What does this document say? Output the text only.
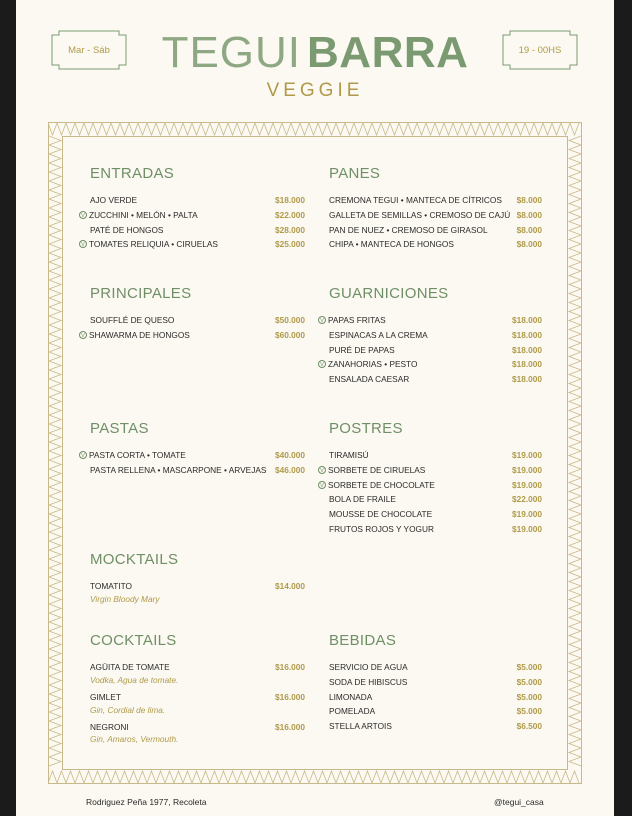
Mar - Sáb	TEGUI BARRA
VEGGIE
19 - 00HS
ENTRADAS
AJO VERDE	$18.000
V ZUCCHINI • MELÓN • PALTA	$22.000
PATÉ DE HONGOS	$28.000
V TOMATES RELIQUIA • CIRUELAS	$25.000
PANES
CREMONA TEGUI • MANTECA DE CÍTRICOS $8.000
GALLETA DE SEMILLAS • CREMOSO DE CAJÚ $8.000
PAN DE NUEZ • CREMOSO DE GIRASOL	$8.000
CHIPA • MANTECA DE HONGOS	$8.000
PRINCIPALES
SOUFFLÉ DE QUESO	$50.000
V SHAWARMA DE HONGOS	$60.000
GUARNICIONES
V PAPAS FRITAS	$18.000
ESPINACAS A LA CREMA	$18.000
PURÉ DE PAPAS	$18.000
V ZANAHORIAS • PESTO	$18.000
ENSALADA CAESAR	$18.000
PASTAS
V PASTA CORTA • TOMATE	$40.000
PASTA RELLENA • MASCARPONE • ARVEJAS $46.000
POSTRES
TIRAMISÚ	$19.000
V SORBETE DE CIRUELAS	$19.000
V SORBETE DE CHOCOLATE	$19.000
BOLA DE FRAILE	$22.000
MOUSSE DE CHOCOLATE	$19.000
FRUTOS ROJOS Y YOGUR	$19.000
MOCKTAILS
TOMATITO	$14.000
Virgin Bloody Mary
COCKTAILS
AGÜITA DE TOMATE	$16.000
Vodka, Agua de tomate.
GIMLET	$16.000
Gin, Cordial de lima.
NEGRONI	$16.000
Gin, Amaros, Vermouth.
BEBIDAS
SERVICIO DE AGUA	$5.000
SODA DE HIBISCUS	$5.000
LIMONADA	$5.000
POMELADA	$5.000
STELLA ARTOIS	$6.500
Rodriguez Peña 1977, Recoleta	@tegui_casa
